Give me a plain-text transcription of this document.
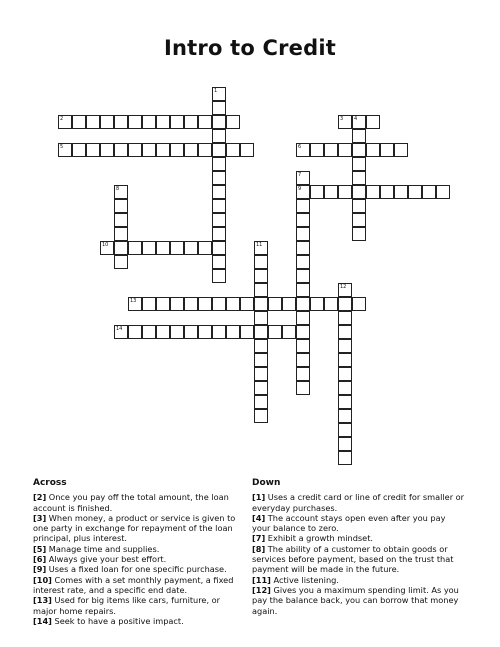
Intro to Credit
1
2	3 4
5	6
7
9
8
10	11
12
13
14
Across
[2] Once you pay off the total amount, the loan account is finished.
[3] When money, a product or service is given to one party in exchange for repayment of the loan principal, plus interest.
[5] Manage time and supplies.
[6] Always give your best effort.
[9] Uses a fixed loan for one specific purchase.
[10] Comes with a set monthly payment, a fixed interest rate, and a specific end date.
[13] Used for big items like cars, furniture, or major home repairs.
[14] Seek to have a positive impact.
Down
[1] Uses a credit card or line of credit for smaller or everyday purchases.
[4] The account stays open even after you pay your balance to zero.
[7] Exhibit a growth mindset.
[8] The ability of a customer to obtain goods or services before payment, based on the trust that payment will be made in the future.
[11] Active listening.
[12] Gives you a maximum spending limit. As you pay the balance back, you can borrow that money again.
